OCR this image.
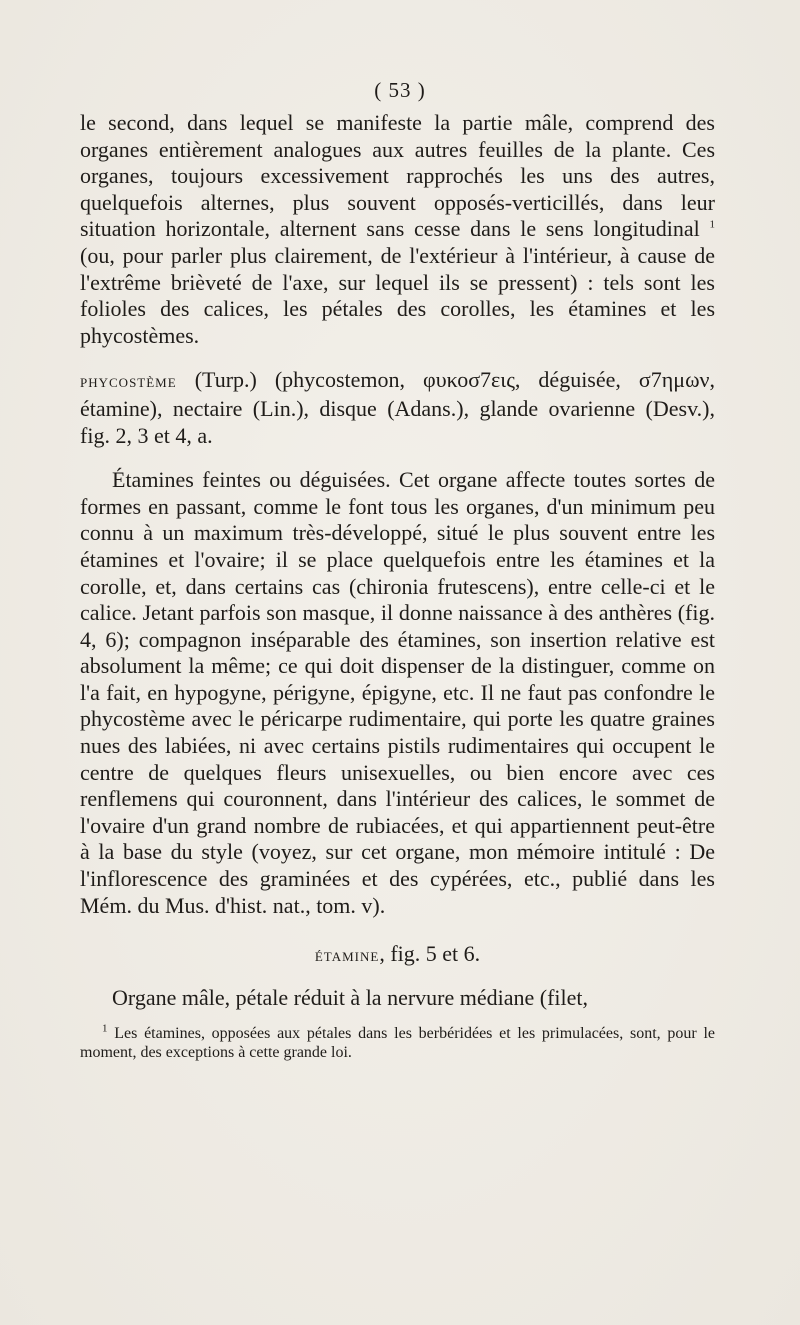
( 53 )

le second, dans lequel se manifeste la partie mâle, comprend des organes entièrement analogues aux autres feuilles de la plante. Ces organes, toujours excessivement rapprochés les uns des autres, quelquefois alternes, plus souvent opposés-verticillés, dans leur situation horizontale, alternent sans cesse dans le sens longitudinal $^1$ (ou, pour parler plus clairement, de l'extérieur à l'intérieur, à cause de l'extrême brièveté de l'axe, sur lequel ils se pressent) : tels sont les folioles des calices, les pétales des corolles, les étamines et les phycostèmes.

phycostème (Turp.) (phycostemon, φυκοσ7εις, déguisée, σ7ημων, étamine), nectaire (Lin.), disque (Adans.), glande ovarienne (Desv.), fig. 2, 3 et 4, a.

Étamines feintes ou déguisées. Cet organe affecte toutes sortes de formes en passant, comme le font tous les organes, d'un minimum peu connu à un maximum très-développé, situé le plus souvent entre les étamines et l'ovaire; il se place quelquefois entre les étamines et la corolle, et, dans certains cas (chironia frutescens), entre celle-ci et le calice. Jetant parfois son masque, il donne naissance à des anthères (fig. 4, 6); compagnon inséparable des étamines, son insertion relative est absolument la même; ce qui doit dispenser de la distinguer, comme on l'a fait, en hypogyne, périgyne, épigyne, etc. Il ne faut pas confondre le phycostème avec le péricarpe rudimentaire, qui porte les quatre graines nues des labiées, ni avec certains pistils rudimentaires qui occupent le centre de quelques fleurs unisexuelles, ou bien encore avec ces renflemens qui couronnent, dans l'intérieur des calices, le sommet de l'ovaire d'un grand nombre de rubiacées, et qui appartiennent peut-être à la base du style (voyez, sur cet organe, mon mémoire intitulé : De l'inflorescence des graminées et des cypérées, etc., publié dans les Mém. du Mus. d'hist. nat., tom. v).

étamine, fig. 5 et 6.

Organe mâle, pétale réduit à la nervure médiane (filet,

$^1$ Les étamines, opposées aux pétales dans les berbéridées et les primulacées, sont, pour le moment, des exceptions à cette grande loi.
